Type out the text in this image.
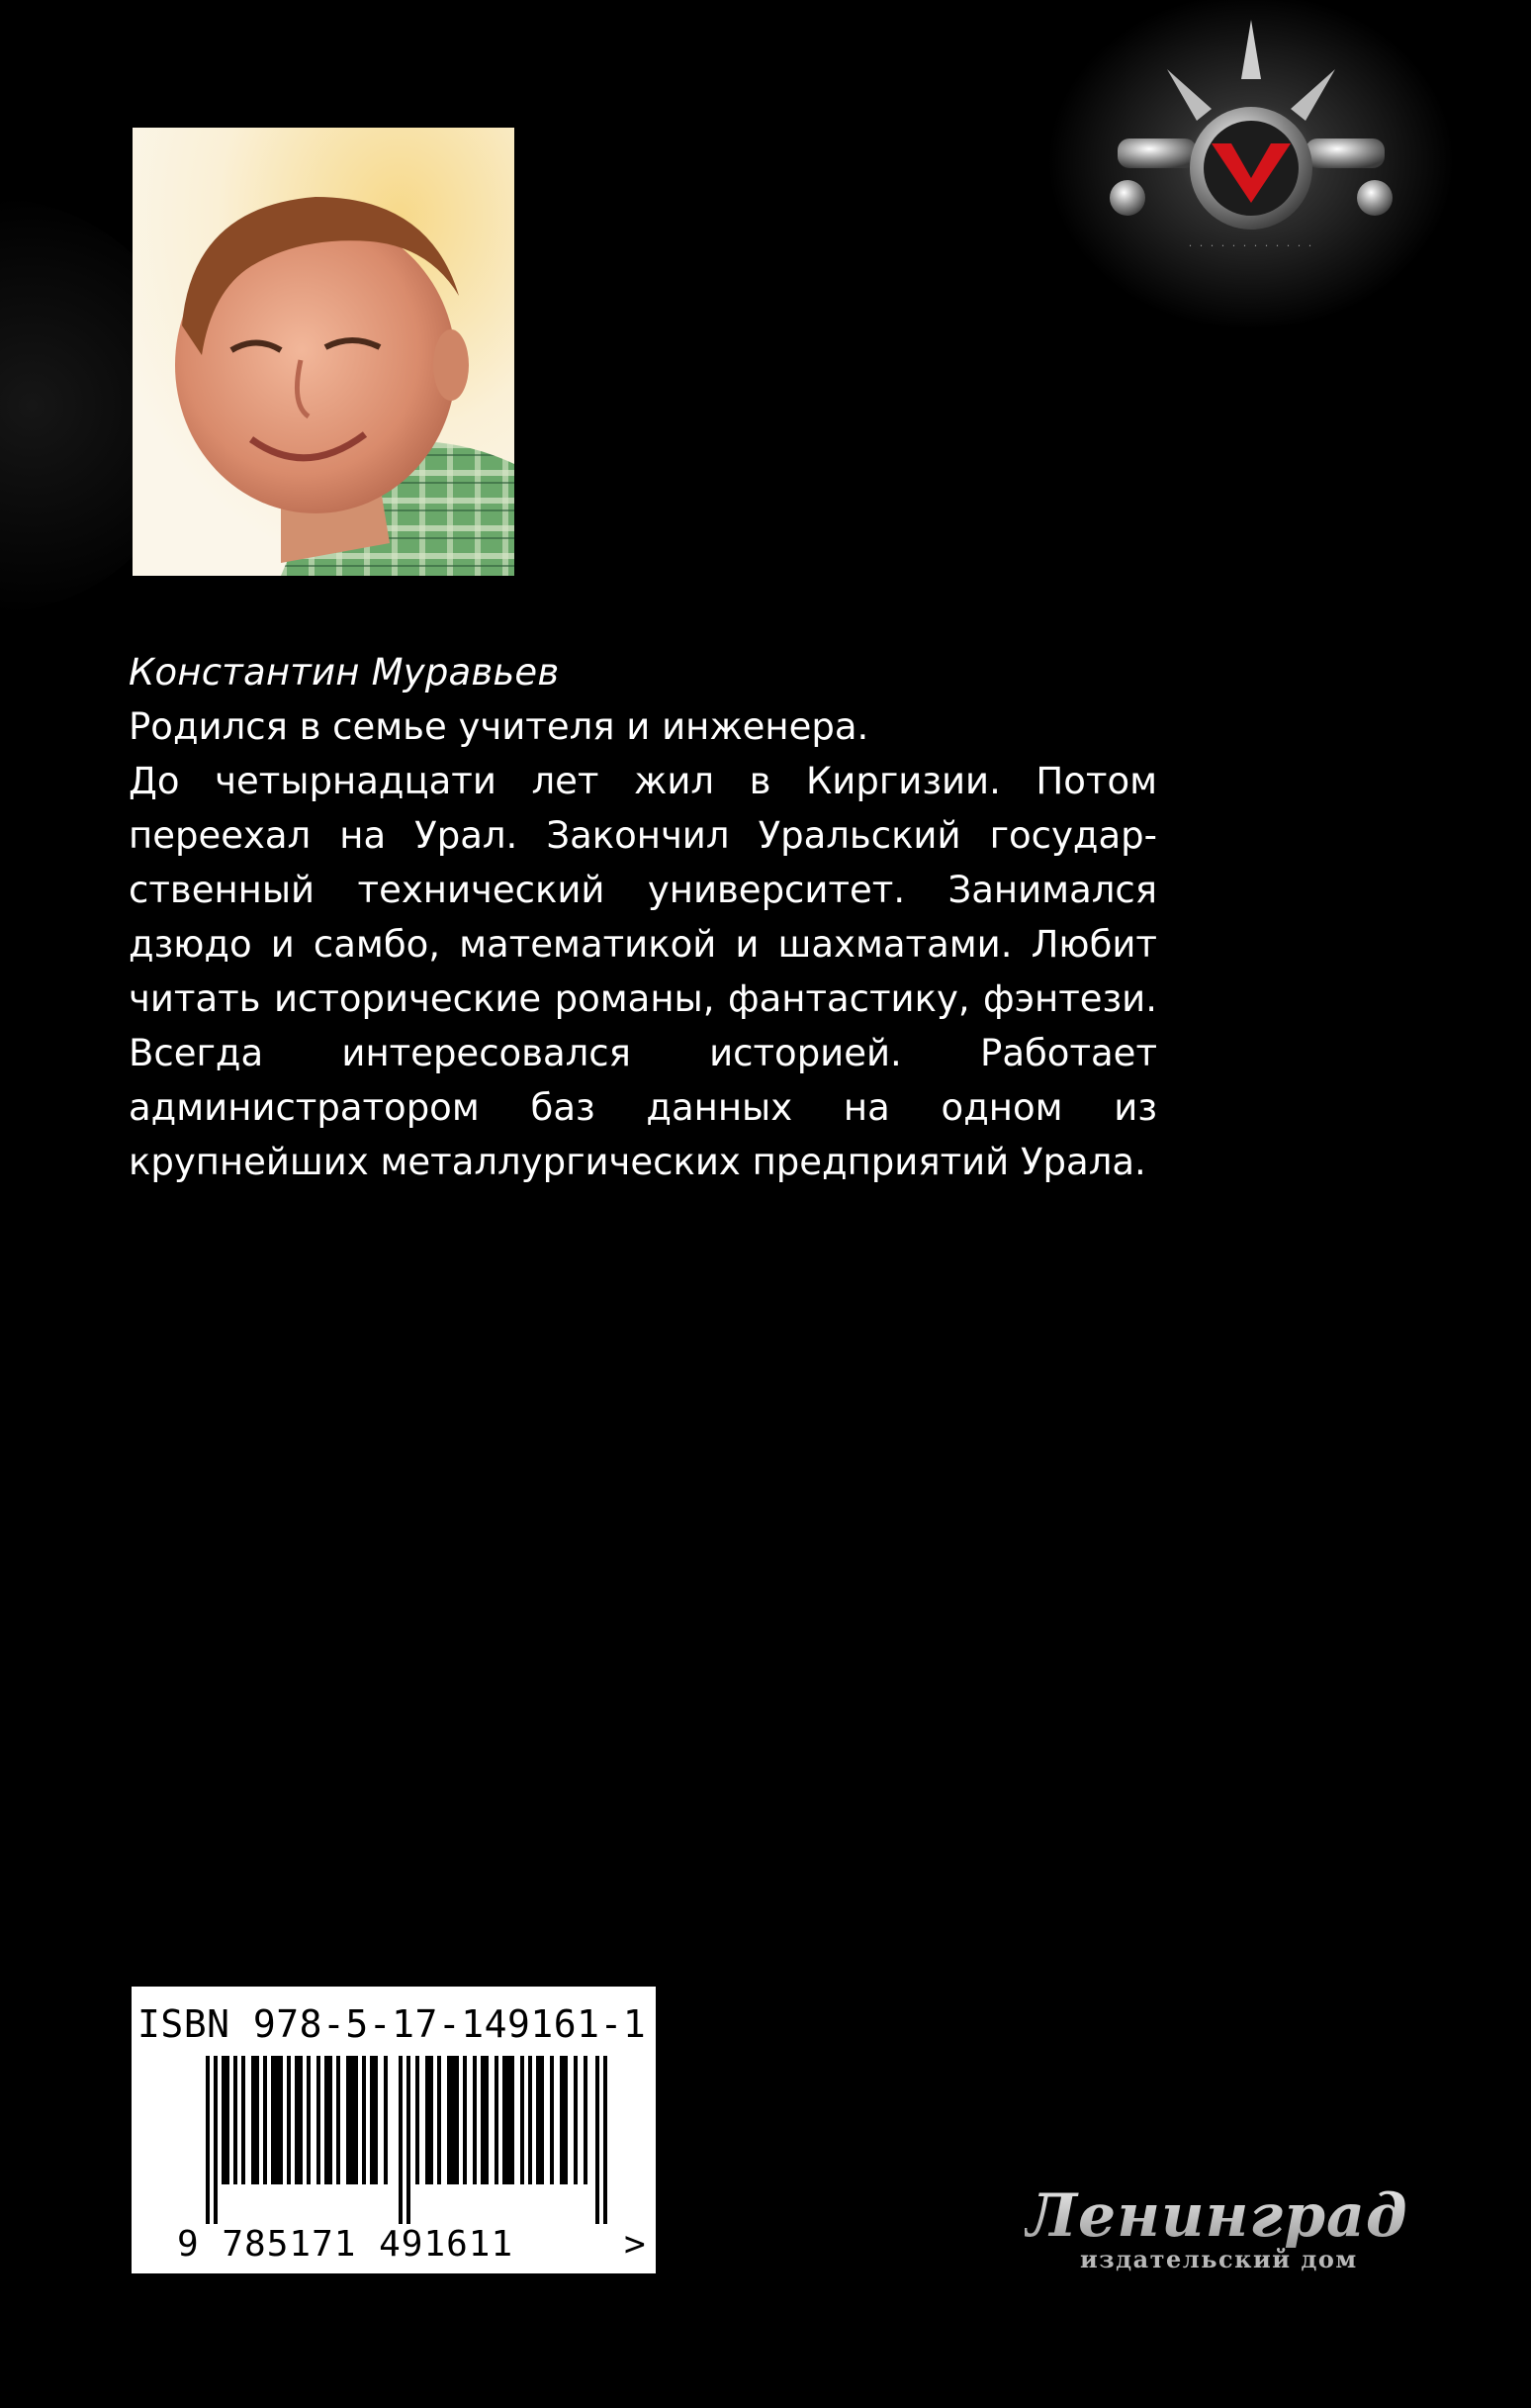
· · · · · · · · · · · ·
Константин Муравьев
Родился в семье учителя и инженера.
До четырнадцати лет жил в Киргизии. Потом переехал на Урал. Закончил Уральский государственный технический университет. Занимался дзюдо и самбо, математикой и шахматами. Любит читать исторические романы, фантастику, фэнтези. Всегда интересовался историей. Работает администратором баз данных на одном из крупнейших металлургических предприятий Урала.
ISBN 978-5-17-149161-1
9 785171 491611	>	Ленинград
издательский дом
